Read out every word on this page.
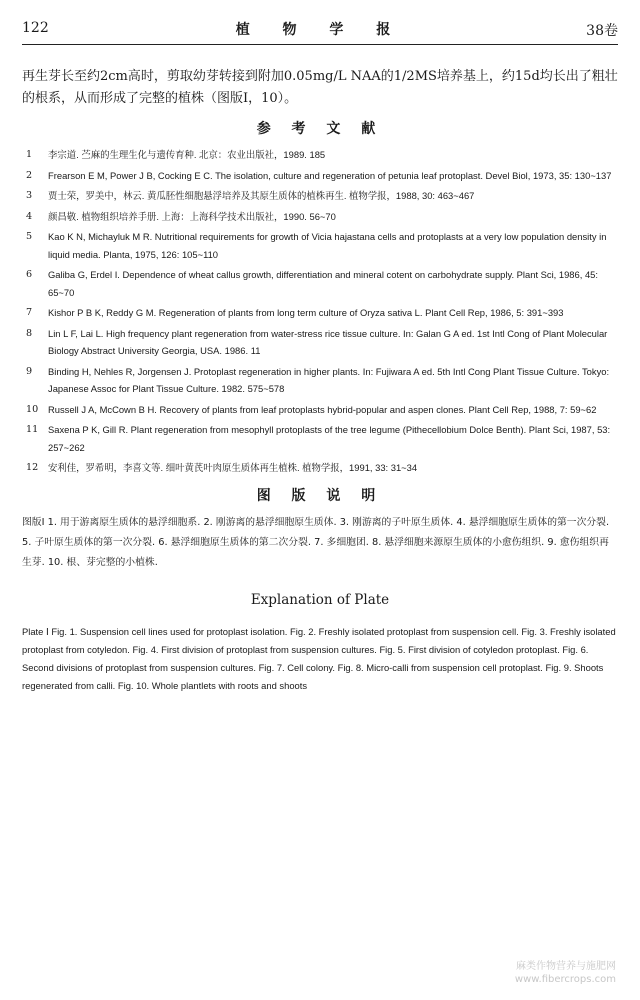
122	植 物 学 报	38卷

再生芽长至约2cm高时，剪取幼芽转接到附加0.05mg/L NAA的1/2MS培养基上，约15d均长出了粗壮的根系，从而形成了完整的植株（图版Ⅰ，10）。

参 考 文 献
1 李宗道. 苎麻的生理生化与遗传育种. 北京：农业出版社，1989. 185
2 Frearson E M, Power J B, Cocking E C. The isolation, culture and regeneration of petunia leaf protoplast. Devel Biol, 1973, 35: 130~137
3 贾士荣，罗美中，林云. 黄瓜胚性细胞悬浮培养及其原生质体的植株再生. 植物学报，1988, 30: 463~467
4 颜昌敬. 植物组织培养手册. 上海：上海科学技术出版社，1990. 56~70
5 Kao K N, Michayluk M R. Nutritional requirements for growth of Vicia hajastana cells and protoplasts at a very low population density in liquid media. Planta, 1975, 126: 105~110
6 Galiba G, Erdel I. Dependence of wheat callus growth, differentiation and mineral cotent on carbohydrate supply. Plant Sci, 1986, 45: 65~70
7 Kishor P B K, Reddy G M. Regeneration of plants from long term culture of Oryza sativa L. Plant Cell Rep, 1986, 5: 391~393
8 Lin L F, Lai L. High frequency plant regeneration from water-stress rice tissue culture. In: Galan G A ed. 1st Intl Cong of Plant Molecular Biology Abstract University Georgia, USA. 1986. 11
9 Binding H, Nehles R, Jorgensen J. Protoplast regeneration in higher plants. In: Fujiwara A ed. 5th Intl Cong Plant Tissue Culture. Tokyo: Japanese Assoc for Plant Tissue Culture. 1982. 575~578
10 Russell J A, McCown B H. Recovery of plants from leaf protoplasts hybrid-popular and aspen clones. Plant Cell Rep, 1988, 7: 59~62
11 Saxena P K, Gill R. Plant regeneration from mesophyll protoplasts of the tree legume (Pithecellobium Dolce Benth). Plant Sci, 1987, 53: 257~262
12 安利佳，罗希明，李喜文等. 细叶黄芪叶肉原生质体再生植株. 植物学报，1991, 33: 31~34
图 版 说 明

图版Ⅰ 1. 用于游离原生质体的悬浮细胞系. 2. 刚游离的悬浮细胞原生质体. 3. 刚游离的子叶原生质体. 4. 悬浮细胞原生质体的第一次分裂. 5. 子叶原生质体的第一次分裂. 6. 悬浮细胞原生质体的第二次分裂. 7. 多细胞团. 8. 悬浮细胞来源原生质体的小愈伤组织. 9. 愈伤组织再生芽. 10. 根、芽完整的小植株.

Explanation of Plate

Plate Ⅰ Fig. 1. Suspension cell lines used for protoplast isolation. Fig. 2. Freshly isolated protoplast from suspension cell. Fig. 3. Freshly isolated protoplast from cotyledon. Fig. 4. First division of protoplast from suspension cultures. Fig. 5. First division of cotyledon protoplast. Fig. 6. Second divisions of protoplast from suspension cultures. Fig. 7. Cell colony. Fig. 8. Micro-calli from suspension cell protoplast. Fig. 9. Shoots regenerated from calli. Fig. 10. Whole plantlets with roots and shoots

麻类作物营养与施肥网
www.fibercrops.com
